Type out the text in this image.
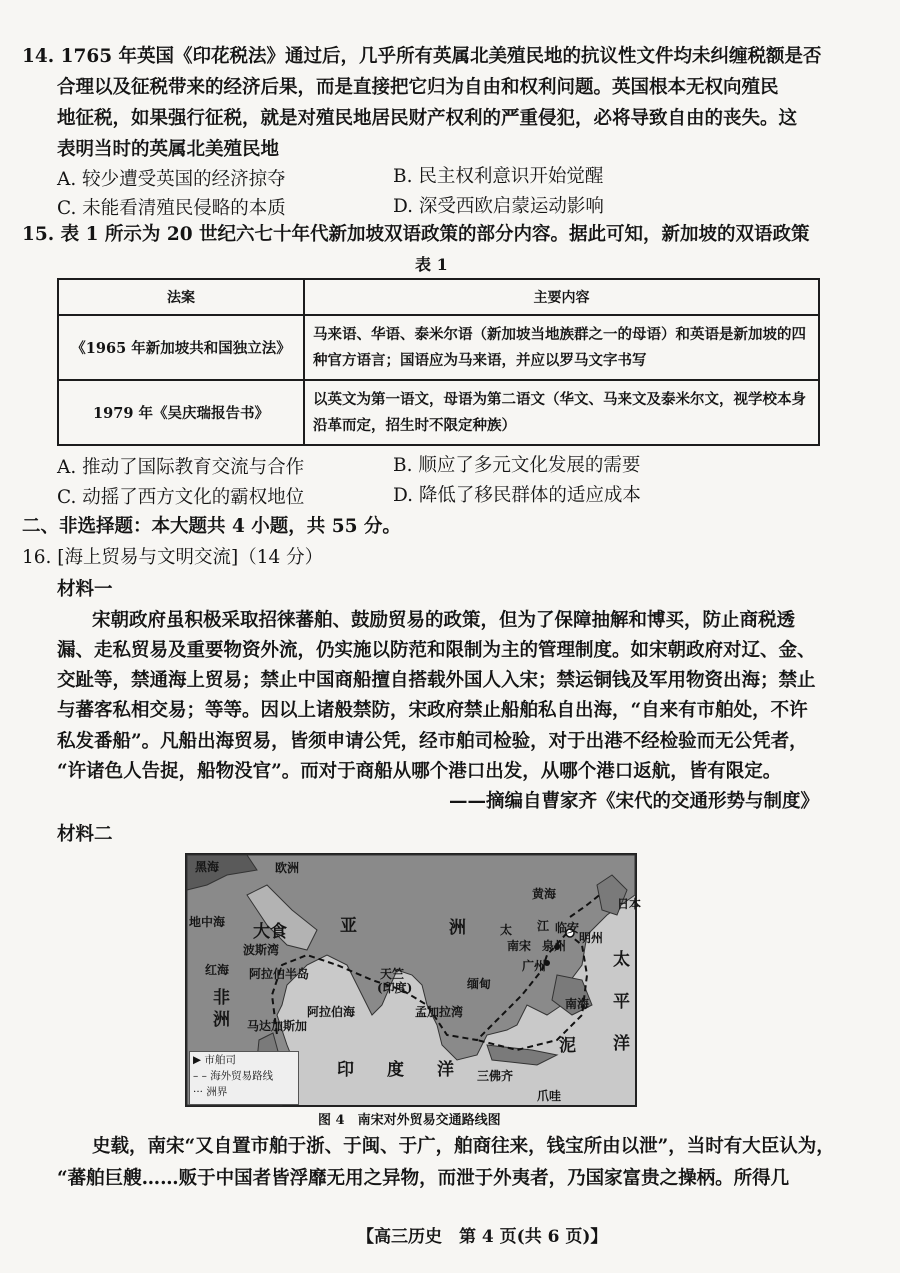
14. 1765 年英国《印花税法》通过后，几乎所有英属北美殖民地的抗议性文件均未纠缠税额是否
合理以及征税带来的经济后果，而是直接把它归为自由和权利问题。英国根本无权向殖民
地征税，如果强行征税，就是对殖民地居民财产权利的严重侵犯，必将导致自由的丧失。这
表明当时的英属北美殖民地
A. 较少遭受英国的经济掠夺	B. 民主权利意识开始觉醒
C. 未能看清殖民侵略的本质	D. 深受西欧启蒙运动影响
15. 表 1 所示为 20 世纪六七十年代新加坡双语政策的部分内容。据此可知，新加坡的双语政策
表 1
法案	主要内容
《1965 年新加坡共和国独立法》	马来语、华语、泰米尔语（新加坡当地族群之一的母语）和英语是新加坡的四种官方语言；国语应为马来语，并应以罗马文字书写
1979 年《吴庆瑞报告书》	以英文为第一语文，母语为第二语文（华文、马来文及泰米尔文，视学校本身沿革而定，招生时不限定种族）
A. 推动了国际教育交流与合作	B. 顺应了多元文化发展的需要
C. 动摇了西方文化的霸权地位	D. 降低了移民群体的适应成本
二、非选择题：本大题共 4 小题，共 55 分。
16. [海上贸易与文明交流]（14 分）
材料一
宋朝政府虽积极采取招徕蕃舶、鼓励贸易的政策，但为了保障抽解和博买，防止商税透
漏、走私贸易及重要物资外流，仍实施以防范和限制为主的管理制度。如宋朝政府对辽、金、
交趾等，禁通海上贸易；禁止中国商船擅自搭载外国人入宋；禁运铜钱及军用物资出海；禁止
与蕃客私相交易；等等。因以上诸般禁防，宋政府禁止船舶私自出海，“自来有市舶处，不许
私发番船”。凡船出海贸易，皆须申请公凭，经市舶司检验，对于出港不经检验而无公凭者，
“许诸色人告捉，船物没官”。而对于商船从哪个港口出发，从哪个港口返航，皆有限定。
——摘编自曹家齐《宋代的交通形势与制度》
材料二
黑海	欧洲
地中海 大食	亚	洲
波斯湾
阿拉伯半岛
红海
非
洲	阿拉伯海
天竺
(印度)
孟加拉湾
缅甸
马达加斯加
印 度 洋 三佛齐
爪哇
泥
南宋
广州
泉州
临安
明州
黄海
江
太
太
平
洋
日本
南海
▶ 市舶司
– – 海外贸易路线
··· 洲界
图 4　南宋对外贸易交通路线图
史载，南宋“又自置市舶于浙、于闽、于广，舶商往来，钱宝所由以泄”，当时有大臣认为，
“蕃舶巨艘……贩于中国者皆浮靡无用之异物，而泄于外夷者，乃国家富贵之操柄。所得几
【高三历史　第 4 页(共 6 页)】
